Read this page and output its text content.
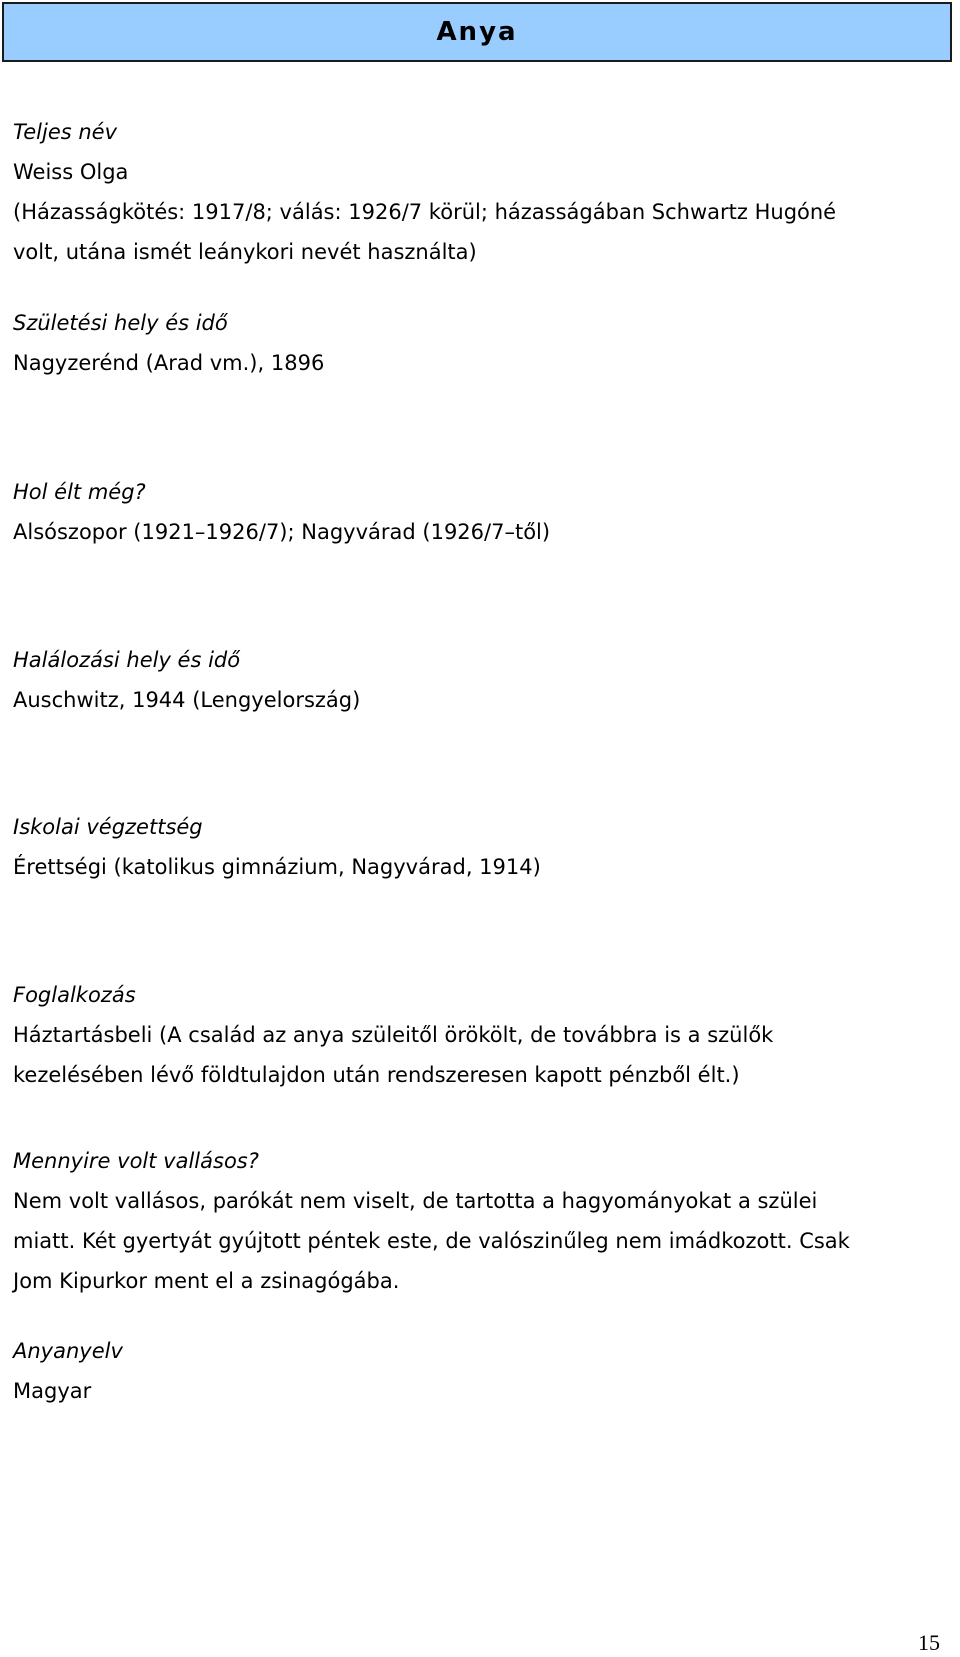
Anya

Teljes név

Weiss Olga

(Házasságkötés: 1917/8; válás: 1926/7 körül; házasságában Schwartz Hugóné

volt, utána ismét leánykori nevét használta)

Születési hely és idő

Nagyzerénd (Arad vm.), 1896

Hol élt még?

Alsószopor (1921–1926/7); Nagyvárad (1926/7–től)

Halálozási hely és idő

Auschwitz, 1944 (Lengyelország)

Iskolai végzettség

Érettségi (katolikus gimnázium, Nagyvárad, 1914)

Foglalkozás

Háztartásbeli (A család az anya szüleitől örökölt, de továbbra is a szülők

kezelésében lévő földtulajdon után rendszeresen kapott pénzből élt.)

Mennyire volt vallásos?

Nem volt vallásos, parókát nem viselt, de tartotta a hagyományokat a szülei

miatt. Két gyertyát gyújtott péntek este, de valószinűleg nem imádkozott. Csak

Jom Kipurkor ment el a zsinagógába.

Anyanyelv

Magyar

15
